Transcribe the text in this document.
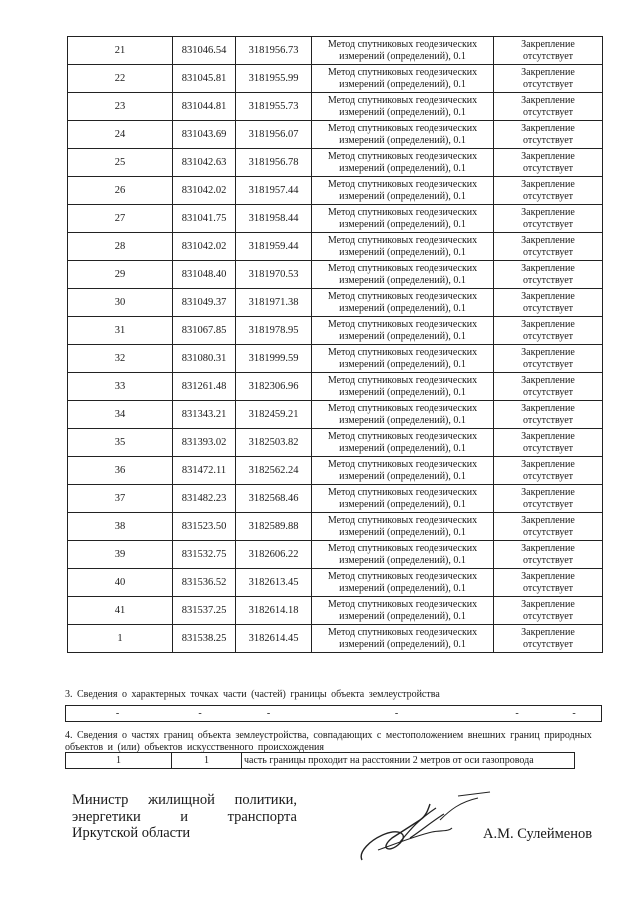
21	831046.54	3181956.73	Метод спутниковых геодезических
измерений (определений), 0.1	Закрепление
отсутствует

22	831045.81	3181955.99	Метод спутниковых геодезических
измерений (определений), 0.1	Закрепление
отсутствует

23	831044.81	3181955.73	Метод спутниковых геодезических
измерений (определений), 0.1	Закрепление
отсутствует

24	831043.69	3181956.07	Метод спутниковых геодезических
измерений (определений), 0.1	Закрепление
отсутствует

25	831042.63	3181956.78	Метод спутниковых геодезических
измерений (определений), 0.1	Закрепление
отсутствует

26	831042.02	3181957.44	Метод спутниковых геодезических
измерений (определений), 0.1	Закрепление
отсутствует

27	831041.75	3181958.44	Метод спутниковых геодезических
измерений (определений), 0.1	Закрепление
отсутствует

28	831042.02	3181959.44	Метод спутниковых геодезических
измерений (определений), 0.1	Закрепление
отсутствует

29	831048.40	3181970.53	Метод спутниковых геодезических
измерений (определений), 0.1	Закрепление
отсутствует

30	831049.37	3181971.38	Метод спутниковых геодезических
измерений (определений), 0.1	Закрепление
отсутствует

31	831067.85	3181978.95	Метод спутниковых геодезических
измерений (определений), 0.1	Закрепление
отсутствует

32	831080.31	3181999.59	Метод спутниковых геодезических
измерений (определений), 0.1	Закрепление
отсутствует

33	831261.48	3182306.96	Метод спутниковых геодезических
измерений (определений), 0.1	Закрепление
отсутствует

34	831343.21	3182459.21	Метод спутниковых геодезических
измерений (определений), 0.1	Закрепление
отсутствует

35	831393.02	3182503.82	Метод спутниковых геодезических
измерений (определений), 0.1	Закрепление
отсутствует

36	831472.11	3182562.24	Метод спутниковых геодезических
измерений (определений), 0.1	Закрепление
отсутствует

37	831482.23	3182568.46	Метод спутниковых геодезических
измерений (определений), 0.1	Закрепление
отсутствует

38	831523.50	3182589.88	Метод спутниковых геодезических
измерений (определений), 0.1	Закрепление
отсутствует

39	831532.75	3182606.22	Метод спутниковых геодезических
измерений (определений), 0.1	Закрепление
отсутствует

40	831536.52	3182613.45	Метод спутниковых геодезических
измерений (определений), 0.1	Закрепление
отсутствует

41	831537.25	3182614.18	Метод спутниковых геодезических
измерений (определений), 0.1	Закрепление
отсутствует

1	831538.25	3182614.45	Метод спутниковых геодезических
измерений (определений), 0.1	Закрепление
отсутствует
3. Сведения о характерных точках части (частей) границы объекта землеустройства
-	-	-	-	-	-
4. Сведения о частях границ объекта землеустройства, совпадающих с местоположением внешних границ природных объектов и (или) объектов искусственного происхождения
1	1	часть границы проходит на расстоянии 2 метров от оси газопровода
Министр жилищной политики,
энергетики	и	транспорта
Иркутской области	А.М. Сулейменов
